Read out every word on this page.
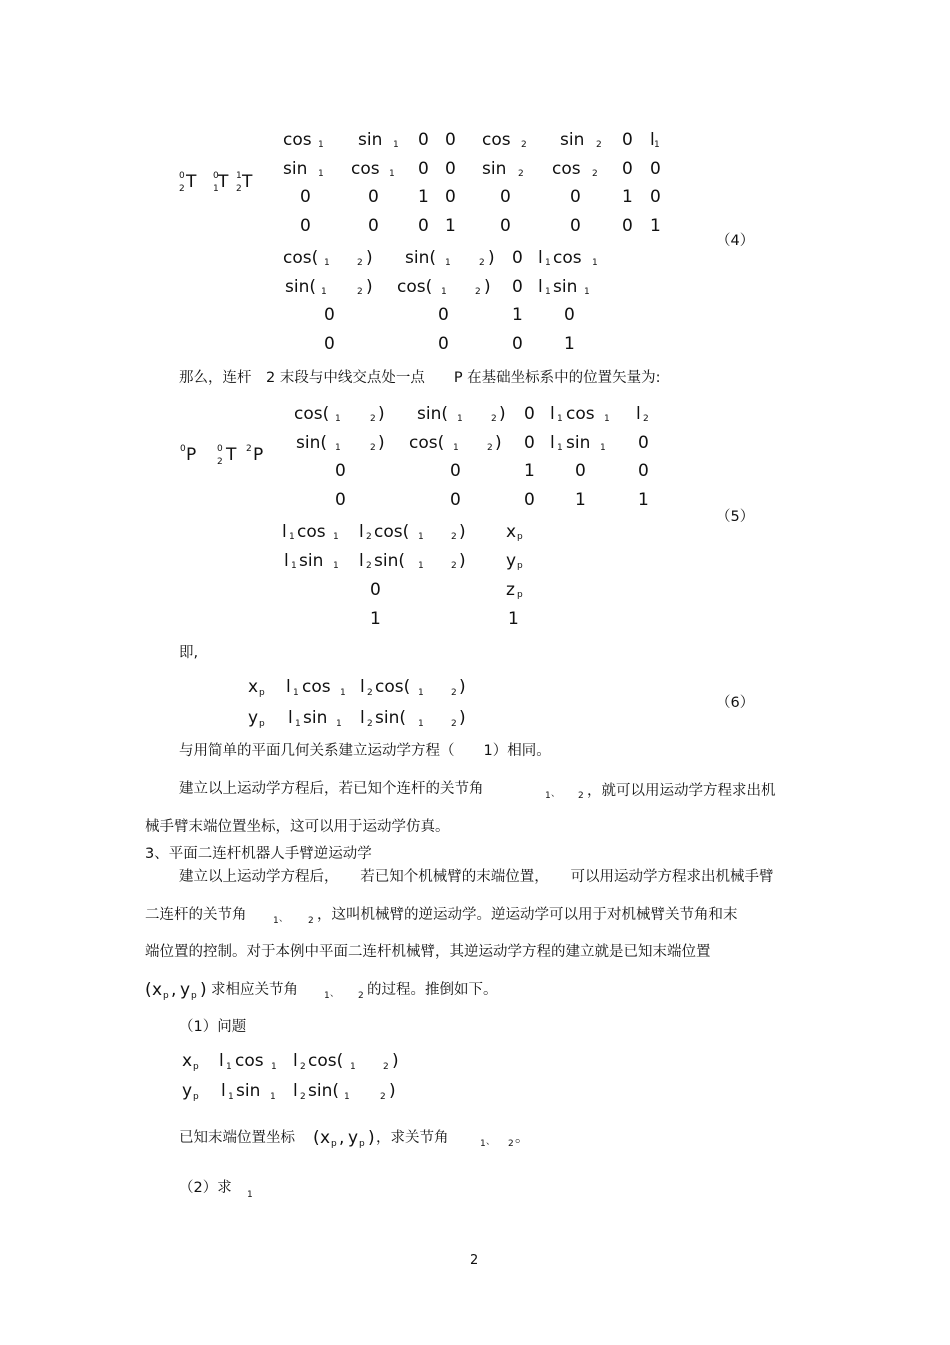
0 T
2
0 T
1
1 T
2
cos 1 sin 1 0 0
sin 1 cos 1 0 0
0	0 1 0
0	0 0 1
cos 2 sin 2 0 l 1
sin 2 cos 2 0 0
0	0 1 0
0	0 0 1
cos( 1	2 ) sin( 1	2 ) 0 l 1 cos 1
sin( 1	2 ) cos( 1	2 ) 0 l 1 sin 1
0	0	1 0
0	0	0 1
（4）
那么，连杆　2 末段与中线交点处一点　　P 在基础坐标系中的位置矢量为:
0 P 0
2 T 2 P
cos( 1	2 ) sin( 1	2 ) 0 l 1 cos 1 l 2
sin( 1	2 ) cos( 1	2 ) 0 l 1 sin 1 0
0	0	1 0	0
0	0	0 1	1
l 1 cos 1 l 2 cos( 1	2 ) x p
l 1 sin 1 l 2 sin( 1	2 ) y p
0	z p
1	1
（5）
即,
x p l 1 cos 1 l 2 cos( 1	2 )
y p l 1 sin 1 l 2 sin( 1	2 )
（6）
与用简单的平面几何关系建立运动学方程（　　1）相同。
建立以上运动学方程后，若已知个连杆的关节角	1 、 2 ，就可以用运动学方程求出机
械手臂末端位置坐标，这可以用于运动学仿真。
3、平面二连杆机器人手臂逆运动学
建立以上运动学方程后，　　若已知个机械臂的末端位置，　　可以用运动学方程求出机械手臂
二连杆的关节角	1 、 2 ，这叫机械臂的逆运动学。逆运动学可以用于对机械臂关节角和末
端位置的控制。对于本例中平面二连杆机械臂，其逆运动学方程的建立就是已知末端位置
( x p , y p ) 求相应关节角	1 、 2 的过程。推倒如下。
（1）问题
x p l 1 cos 1 l 2 cos( 1	2 )
y p l 1 sin 1 l 2 sin( 1	2 )
已知末端位置坐标 ( x p , y p ) ，求关节角	1 、 2 。
（2）求 1
2
